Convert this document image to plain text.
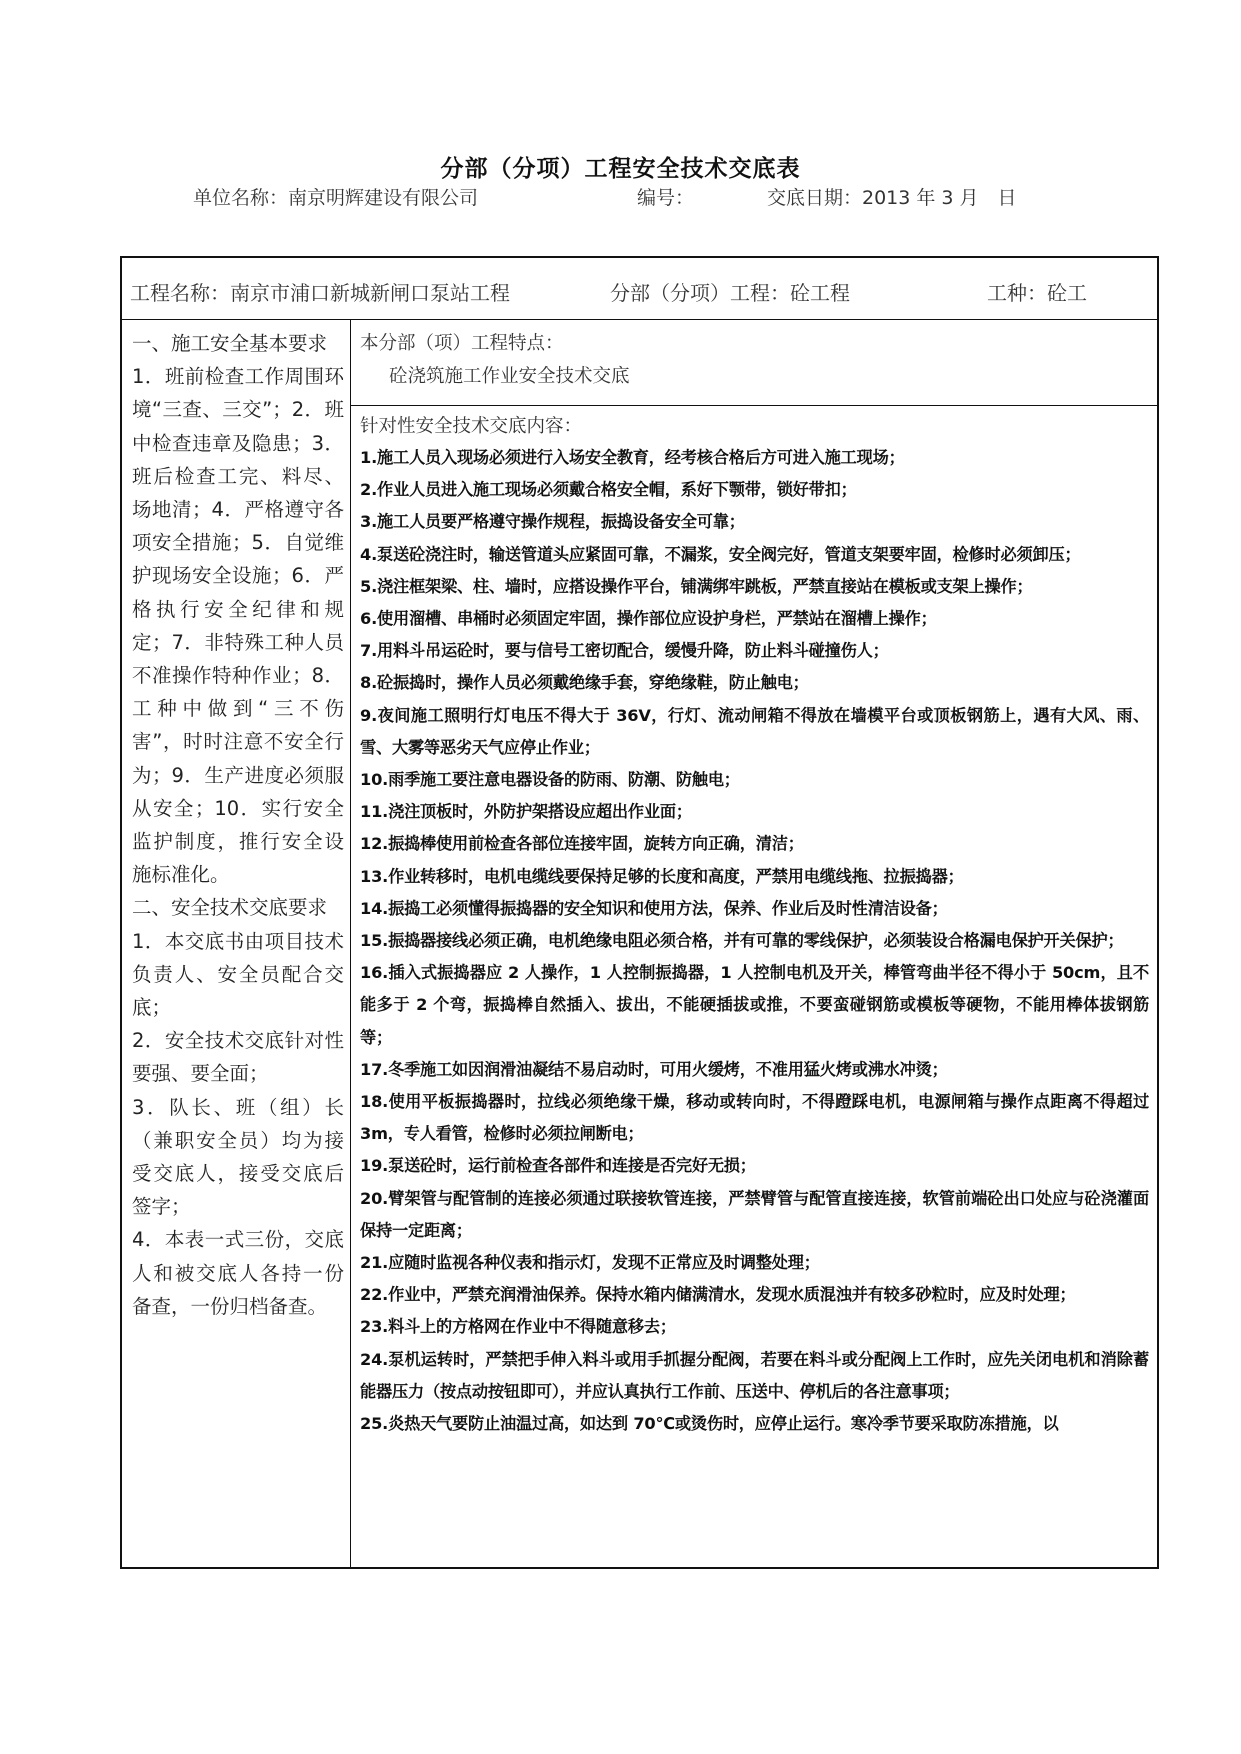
分部（分项）工程安全技术交底表
单位名称：南京明辉建设有限公司	编号：	交底日期：2013 年 3 月　日
工程名称：南京市浦口新城新闸口泵站工程	分部（分项）工程：砼工程	工种：砼工

一、施工安全基本要求

1．班前检查工作周围环境“三查、三交”；2．班中检查违章及隐患；3．班后检查工完、料尽、场地清；4．严格遵守各项安全措施；5．自觉维护现场安全设施；6．严格执行安全纪律和规定；7．非特殊工种人员不准操作特种作业；8．工种中做到“三不伤害”，时时注意不安全行为；9．生产进度必须服从安全；10．实行安全监护制度，推行安全设施标准化。

二、安全技术交底要求

1．本交底书由项目技术负责人、安全员配合交底；

2．安全技术交底针对性要强、要全面；

3．队长、班（组）长（兼职安全员）均为接受交底人，接受交底后签字；

4．本表一式三份，交底人和被交底人各持一份备查，一份归档备查。

本分部（项）工程特点：
砼浇筑施工作业安全技术交底
针对性安全技术交底内容：
1.施工人员入现场必须进行入场安全教育，经考核合格后方可进入施工现场；
2.作业人员进入施工现场必须戴合格安全帽，系好下颚带，锁好带扣；
3.施工人员要严格遵守操作规程，振捣设备安全可靠；
4.泵送砼浇注时，输送管道头应紧固可靠，不漏浆，安全阀完好，管道支架要牢固，检修时必须卸压；
5.浇注框架梁、柱、墙时，应搭设操作平台，铺满绑牢跳板，严禁直接站在模板或支架上操作；
6.使用溜槽、串桶时必须固定牢固，操作部位应设护身栏，严禁站在溜槽上操作；
7.用料斗吊运砼时，要与信号工密切配合，缓慢升降，防止料斗碰撞伤人；
8.砼振捣时，操作人员必须戴绝缘手套，穿绝缘鞋，防止触电；
9.夜间施工照明行灯电压不得大于 36V，行灯、流动闸箱不得放在墙模平台或顶板钢筋上，遇有大风、雨、雪、大雾等恶劣天气应停止作业；
10.雨季施工要注意电器设备的防雨、防潮、防触电；
11.浇注顶板时，外防护架搭设应超出作业面；
12.振捣棒使用前检查各部位连接牢固，旋转方向正确，清洁；
13.作业转移时，电机电缆线要保持足够的长度和高度，严禁用电缆线拖、拉振捣器；
14.振捣工必须懂得振捣器的安全知识和使用方法，保养、作业后及时性清洁设备；
15.振捣器接线必须正确，电机绝缘电阻必须合格，并有可靠的零线保护，必须装设合格漏电保护开关保护；
16.插入式振捣器应 2 人操作，1 人控制振捣器，1 人控制电机及开关，棒管弯曲半径不得小于 50cm，且不能多于 2 个弯，振捣棒自然插入、拔出，不能硬插拔或推，不要蛮碰钢筋或模板等硬物，不能用棒体拔钢筋等；
17.冬季施工如因润滑油凝结不易启动时，可用火缓烤，不准用猛火烤或沸水冲烫；
18.使用平板振捣器时，拉线必须绝缘干燥，移动或转向时，不得蹬踩电机，电源闸箱与操作点距离不得超过 3m，专人看管，检修时必须拉闸断电；
19.泵送砼时，运行前检查各部件和连接是否完好无损；
20.臂架管与配管制的连接必须通过联接软管连接，严禁臂管与配管直接连接，软管前端砼出口处应与砼浇灌面保持一定距离；
21.应随时监视各种仪表和指示灯，发现不正常应及时调整处理；
22.作业中，严禁充润滑油保养。保持水箱内储满清水，发现水质混浊并有较多砂粒时，应及时处理；
23.料斗上的方格网在作业中不得随意移去；
24.泵机运转时，严禁把手伸入料斗或用手抓握分配阀，若要在料斗或分配阀上工作时，应先关闭电机和消除蓄能器压力（按点动按钮即可），并应认真执行工作前、压送中、停机后的各注意事项；
25.炎热天气要防止油温过高，如达到 70℃或烫伤时，应停止运行。寒冷季节要采取防冻措施，以
